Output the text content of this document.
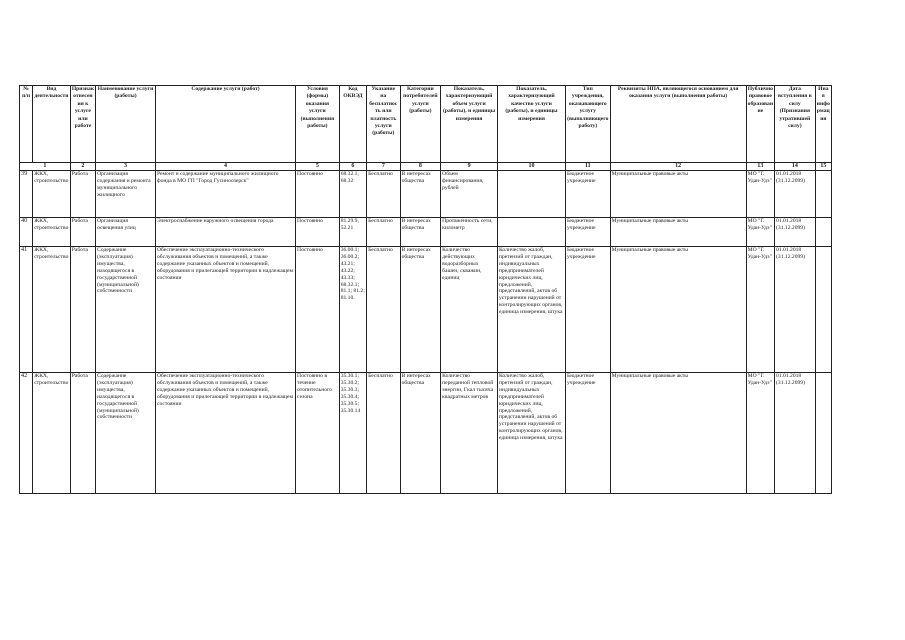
№ п/п	Вид деятельности	Признак отнесения к услуге или работе	Наименование услуги (работы)	Содержание услуги (работ)	Условия (формы) оказания услуги (выполнения работы)	Код ОКВЭД	Указание на бесплатность или платность услуги (работы)	Категории потребителей услуги (работы)	Показатель, характеризующий объем услуги (работы), и единицы измерения	Показатель, характеризующий качество услуги (работы), и единицы измерения	Тип учреждения, оказывающего услугу (выполняющего работу)	Реквизиты НПА, являющегося основанием для оказания услуги (выполнения работы)	Публичноправовое образование	Дата вступления в силу (Признания утратившей силу)	Иная информация
1		2	3	4	5	6	7	8	9	10	11	12	13	14	15
39	ЖКХ, строительство	Работа	Организация содержания и ремонта муниципального жилищного	Ремонт и содержание муниципального жилищного фонда в МО ГП "Город Гусиноозерск"	Постоянно	68.32.1, 68.32	Бесплатно	В интересах общества	Объем финансирования, рублей		Бюджетное учреждение	Муниципальные правовые акты	МО "Г. Удан-Удэ"	01.01.2018 (31.12.2099)	
40	ЖКХ, строительство	Работа	Организация освещения улиц	Электроснабжение наружного освещения города	Постоянно	81.29.9, 52.21	Бесплатно	В интересах общества	Протяженность сети, километр		Бюджетное учреждение	Муниципальные правовые акты	МО "Г. Удан-Удэ"	01.01.2018 (31.12.2099)	
41	ЖКХ, строительство	Работа	Содержание (эксплуатация) имущества, находящегося в государственной (муниципальной) собственности	Обеспечение эксплуатационно-технического обслуживания объектов и помещений, а также содержание указанных объектов и помещений, оборудования и прилегающей территории в надлежащем состоянии	Постоянно	36.00.1; 36.00.2; 43.21; 43.22; 43.33; 68.32.1; 81.1; 81.2; 81.10.	Бесплатно	В интересах общества	Количество действующих водоразборных башен, скважин, единиц	Количество жалоб, претензий от граждан, индивидуальных предпринимателей юридических лиц, предложений, представлений, актов об устранении нарушений от контролирующих органов, единица измерения, штука	Бюджетное учреждение	Муниципальные правовые акты	МО "Г. Удан-Удэ"	01.01.2018 (31.12.2099)	
42	ЖКХ, строительство	Работа	Содержание (эксплуатация) имущества, находящегося в государственной (муниципальной) собственности	Обеспечение эксплуатационно-технического обслуживания объектов и помещений, а также содержание указанных объектов и помещений, оборудования и прилегающей территории в надлежащем состоянии	Постоянно в течение отопительного сезона	35.30.1; 35.30.2; 35.30.3; 35.30.4; 35.30.5; 35.30.14	Бесплатно	В интересах общества	Количество переданной тепловой энергии, Гкал тысяча квадратных метров	Количество жалоб, претензий от граждан, индивидуальных предпринимателей юридических лиц, предложений, представлений, актов об устранении нарушений от контролирующих органов, единица измерения, штука	Бюджетное учреждение	Муниципальные правовые акты	МО "Г. Удан-Удэ"	01.01.2018 (31.12.2099)	
